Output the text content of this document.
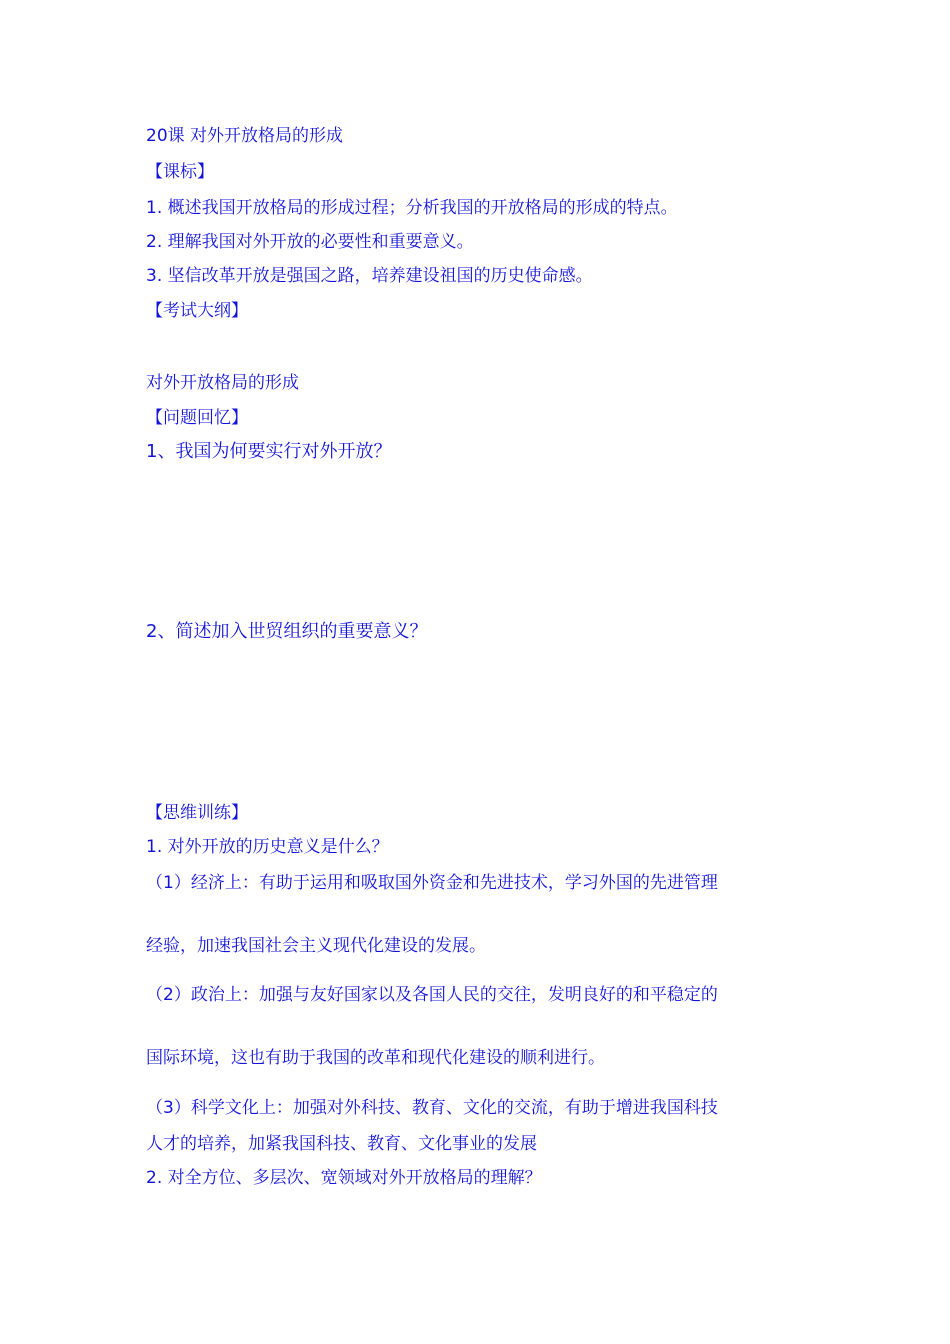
20课 对外开放格局的形成
【课标】
1. 概述我国开放格局的形成过程；分析我国的开放格局的形成的特点。
2. 理解我国对外开放的必要性和重要意义。
3. 坚信改革开放是强国之路，培养建设祖国的历史使命感。
【考试大纲】
对外开放格局的形成
【问题回忆】
1、我国为何要实行对外开放？
2、简述加入世贸组织的重要意义？
【思维训练】
1. 对外开放的历史意义是什么？
（1）经济上：有助于运用和吸取国外资金和先进技术，学习外国的先进管理
经验，加速我国社会主义现代化建设的发展。
（2）政治上：加强与友好国家以及各国人民的交往，发明良好的和平稳定的
国际环境，这也有助于我国的改革和现代化建设的顺利进行。
（3）科学文化上：加强对外科技、教育、文化的交流，有助于增进我国科技
人才的培养，加紧我国科技、教育、文化事业的发展
2. 对全方位、多层次、宽领域对外开放格局的理解？
